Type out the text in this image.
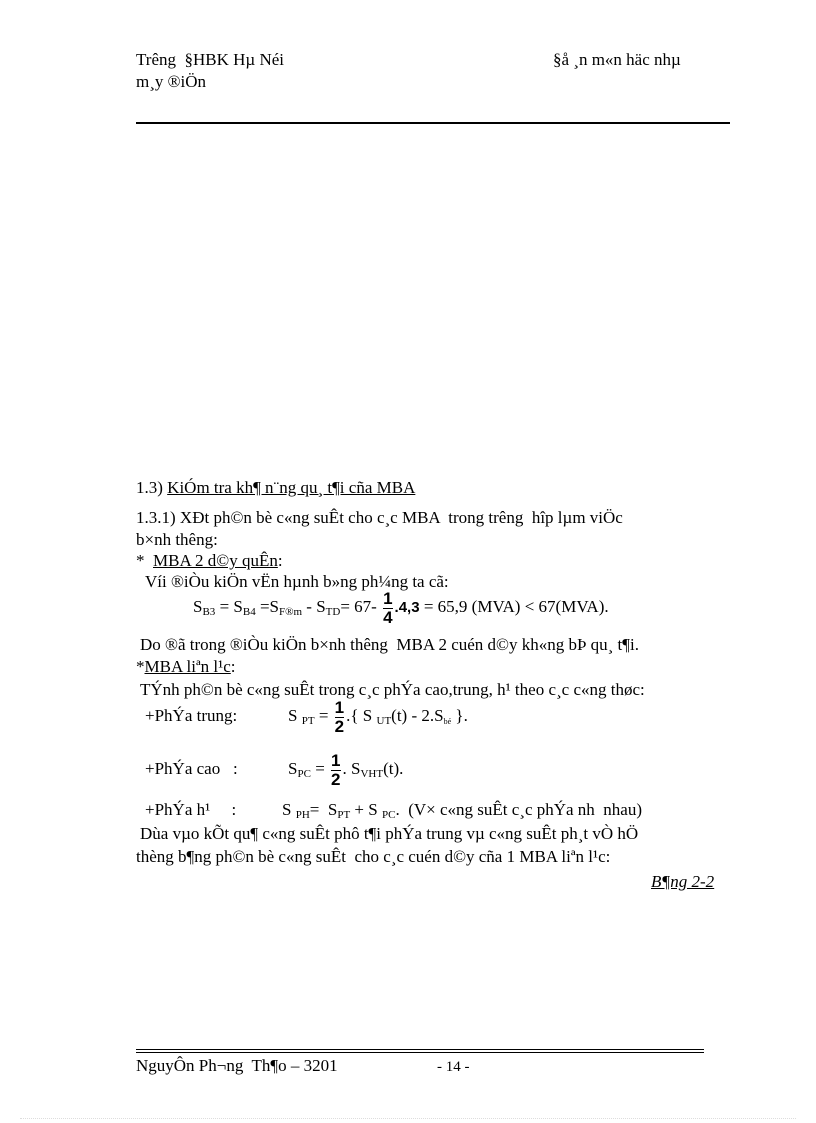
Trêng  §HBK Hµ Néi
m¸y ®iÖn
§å ¸n m«n häc nhµ
1.3) KiÓm tra kh¶ n¨ng qu¸ t¶i cña MBA
1.3.1) XÐt ph©n bè c«ng suÊt cho c¸c MBA  trong trêng  hîp lµm viÖc
b×nh thêng:
*  MBA 2 d©y quÊn:
Víi ®iÒu kiÖn vËn hµnh b»ng ph¼ng ta cã:
$S_{B3} = S_{B4} =S_{F®m} - S_{TD}= 67- \frac{1}{4} .4,3 = 65,9$ (MVA) < 67(MVA).
Do ®ã trong ®iÒu kiÖn b×nh thêng  MBA 2 cuén d©y kh«ng bÞ qu¸ t¶i.
*MBA liªn l¹c:
TÝnh ph©n bè c«ng suÊt trong c¸c phÝa cao,trung, h¹ theo c¸c c«ng thøc:
+PhÝa trung:	S $_{PT} = \frac{1}{2}$ .{ S $_{UT}(t) - 2.S_{bé}$ }.
+PhÝa cao   :	$S_{PC} = \frac{1}{2}$ . $S_{VHT}(t)$.
+PhÝa h¹     :	S $_{PH}= S_{PT} + S$ $_{PC}$.  (V× c«ng suÊt c¸c phÝa nh  nhau)
Dùa vµo kÕt qu¶ c«ng suÊt phô t¶i phÝa trung vµ c«ng suÊt ph¸t vÒ hÖ
thèng b¶ng ph©n bè c«ng suÊt  cho c¸c cuén d©y cña 1 MBA liªn l¹c:
B¶ng 2-2
NguyÔn Ph¬ng  Th¶o – 3201	- 14 -
